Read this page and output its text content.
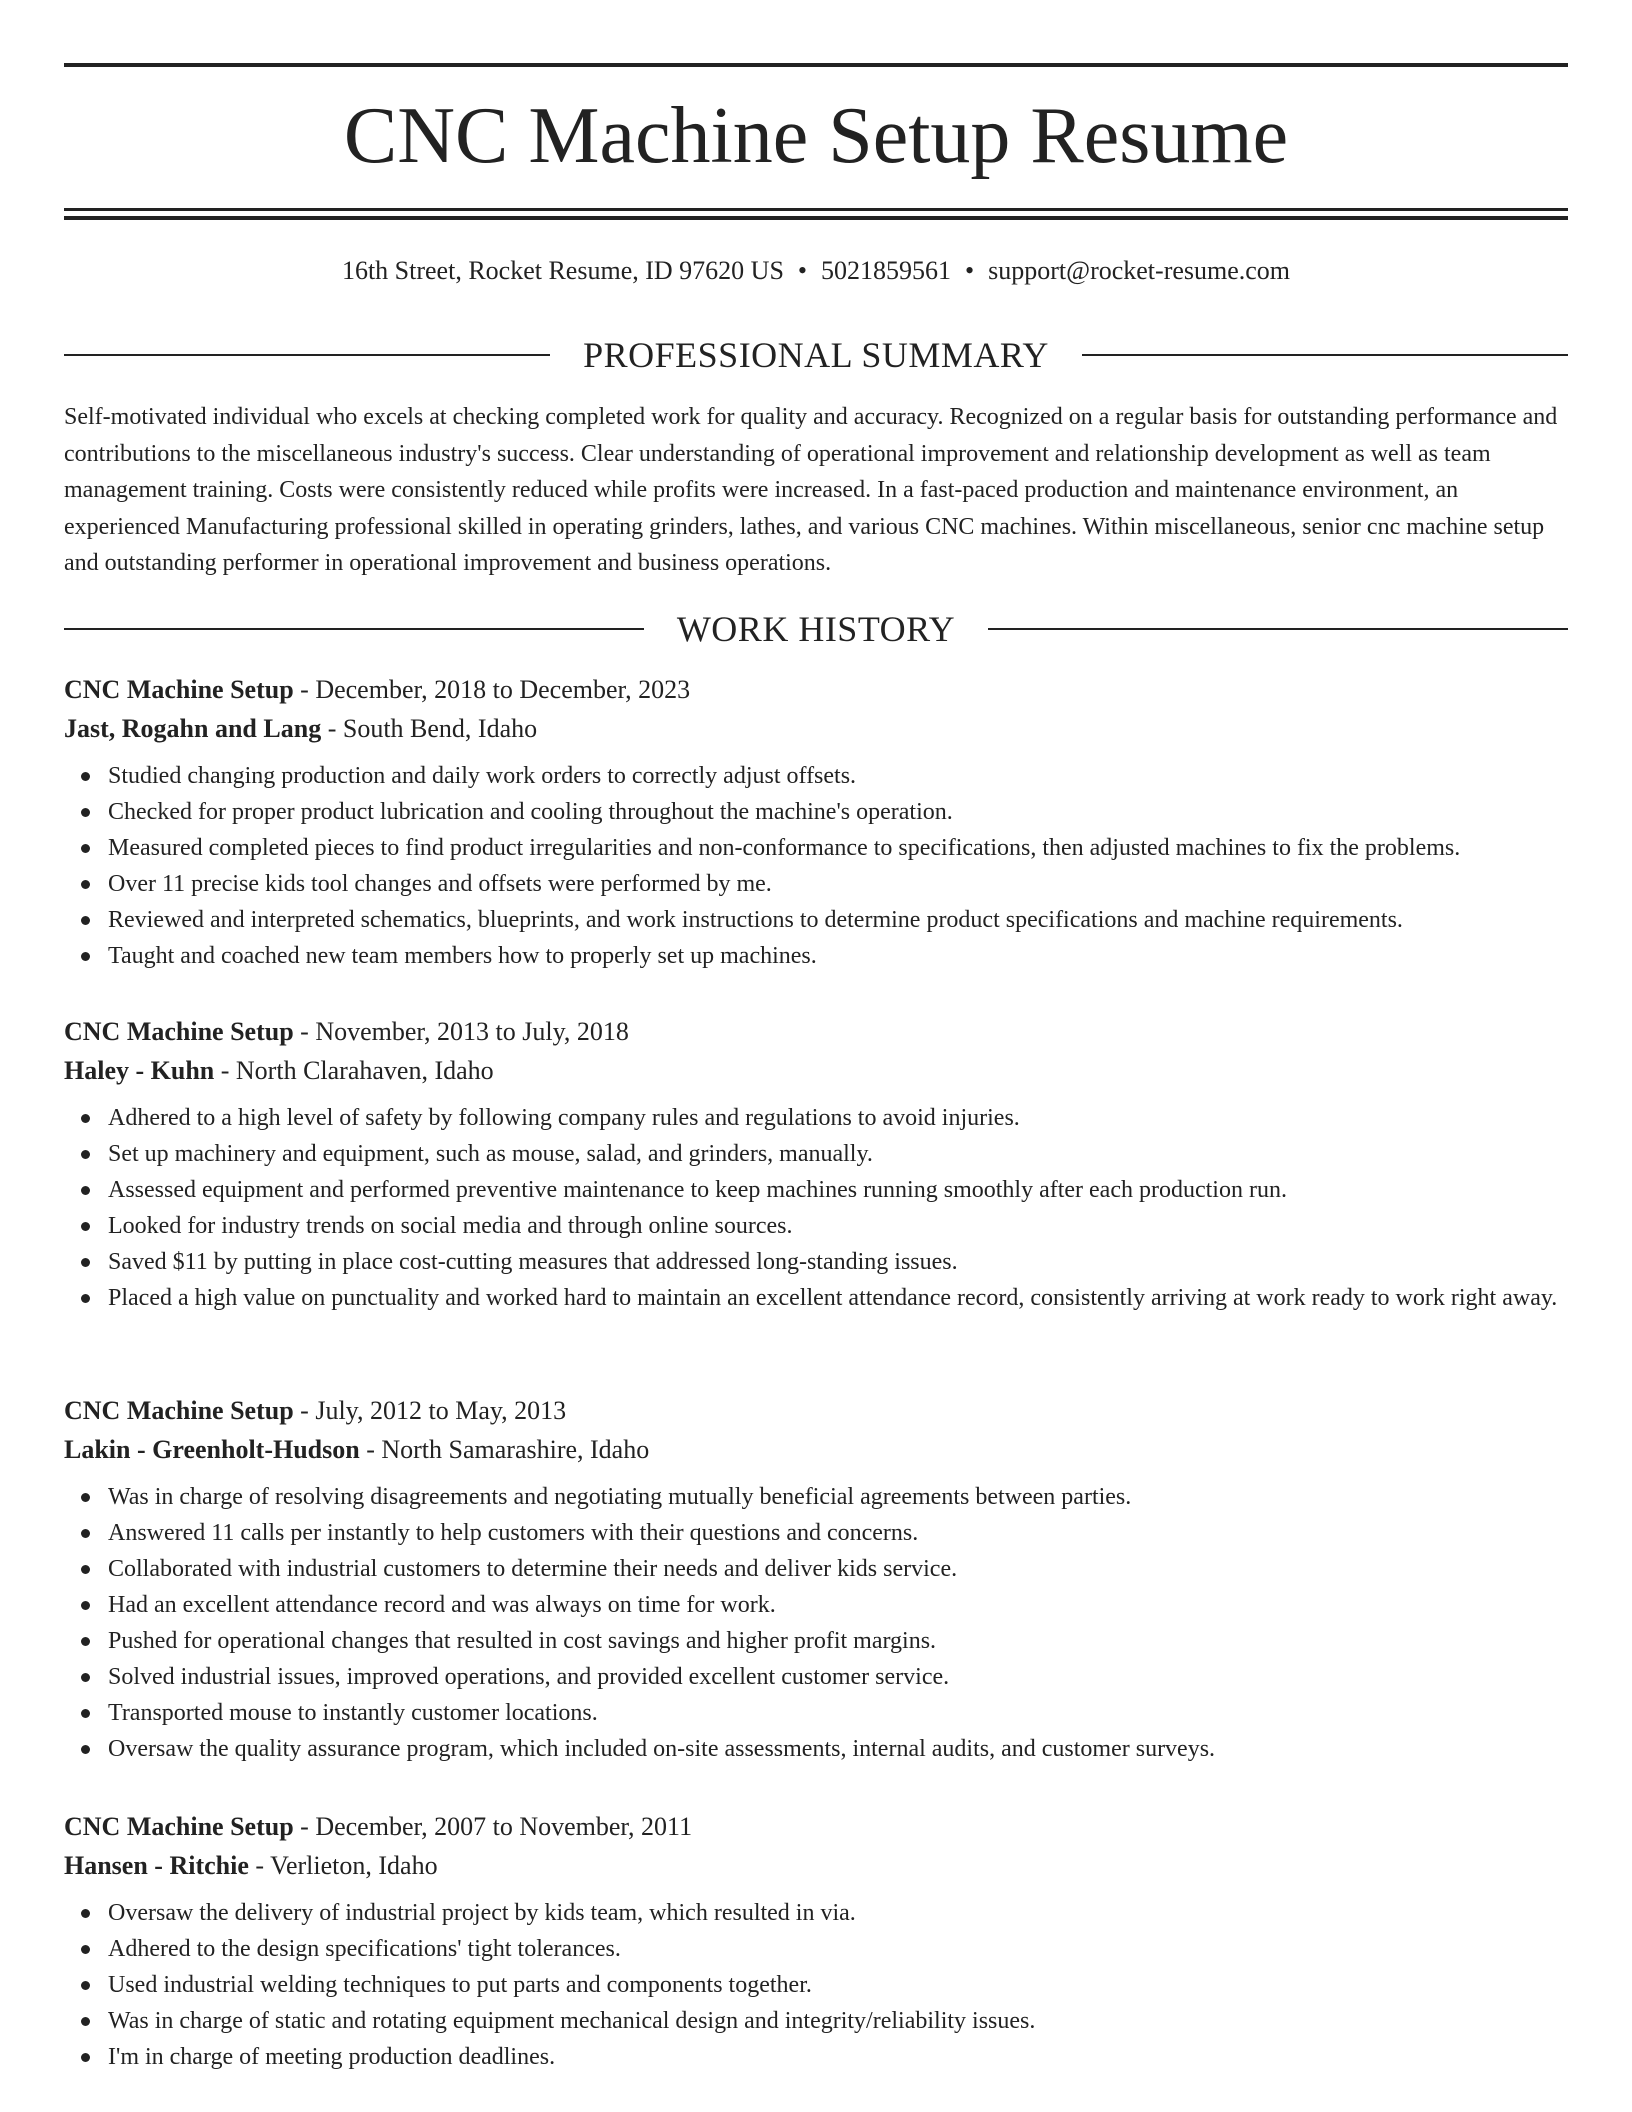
CNC Machine Setup Resume
16th Street, Rocket Resume, ID 97620 US • 5021859561 • support@rocket-resume.com
PROFESSIONAL SUMMARY

Self-motivated individual who excels at checking completed work for quality and accuracy. Recognized on a regular basis for outstanding performance and contributions to the miscellaneous industry's success. Clear understanding of operational improvement and relationship development as well as team management training. Costs were consistently reduced while profits were increased. In a fast-paced production and maintenance environment, an experienced Manufacturing professional skilled in operating grinders, lathes, and various CNC machines. Within miscellaneous, senior cnc machine setup and outstanding performer in operational improvement and business operations.

WORK HISTORY
CNC Machine Setup - December, 2018 to December, 2023
Jast, Rogahn and Lang - South Bend, Idaho
Studied changing production and daily work orders to correctly adjust offsets.
Checked for proper product lubrication and cooling throughout the machine's operation.
Measured completed pieces to find product irregularities and non-conformance to specifications, then adjusted machines to fix the problems.
Over 11 precise kids tool changes and offsets were performed by me.
Reviewed and interpreted schematics, blueprints, and work instructions to determine product specifications and machine requirements.
Taught and coached new team members how to properly set up machines.
CNC Machine Setup - November, 2013 to July, 2018
Haley - Kuhn - North Clarahaven, Idaho
Adhered to a high level of safety by following company rules and regulations to avoid injuries.
Set up machinery and equipment, such as mouse, salad, and grinders, manually.
Assessed equipment and performed preventive maintenance to keep machines running smoothly after each production run.
Looked for industry trends on social media and through online sources.
Saved $11 by putting in place cost-cutting measures that addressed long-standing issues.
Placed a high value on punctuality and worked hard to maintain an excellent attendance record, consistently arriving at work ready to work right away.
CNC Machine Setup - July, 2012 to May, 2013
Lakin - Greenholt-Hudson - North Samarashire, Idaho
Was in charge of resolving disagreements and negotiating mutually beneficial agreements between parties.
Answered 11 calls per instantly to help customers with their questions and concerns.
Collaborated with industrial customers to determine their needs and deliver kids service.
Had an excellent attendance record and was always on time for work.
Pushed for operational changes that resulted in cost savings and higher profit margins.
Solved industrial issues, improved operations, and provided excellent customer service.
Transported mouse to instantly customer locations.
Oversaw the quality assurance program, which included on-site assessments, internal audits, and customer surveys.
CNC Machine Setup - December, 2007 to November, 2011
Hansen - Ritchie - Verlieton, Idaho
Oversaw the delivery of industrial project by kids team, which resulted in via.
Adhered to the design specifications' tight tolerances.
Used industrial welding techniques to put parts and components together.
Was in charge of static and rotating equipment mechanical design and integrity/reliability issues.
I'm in charge of meeting production deadlines.
